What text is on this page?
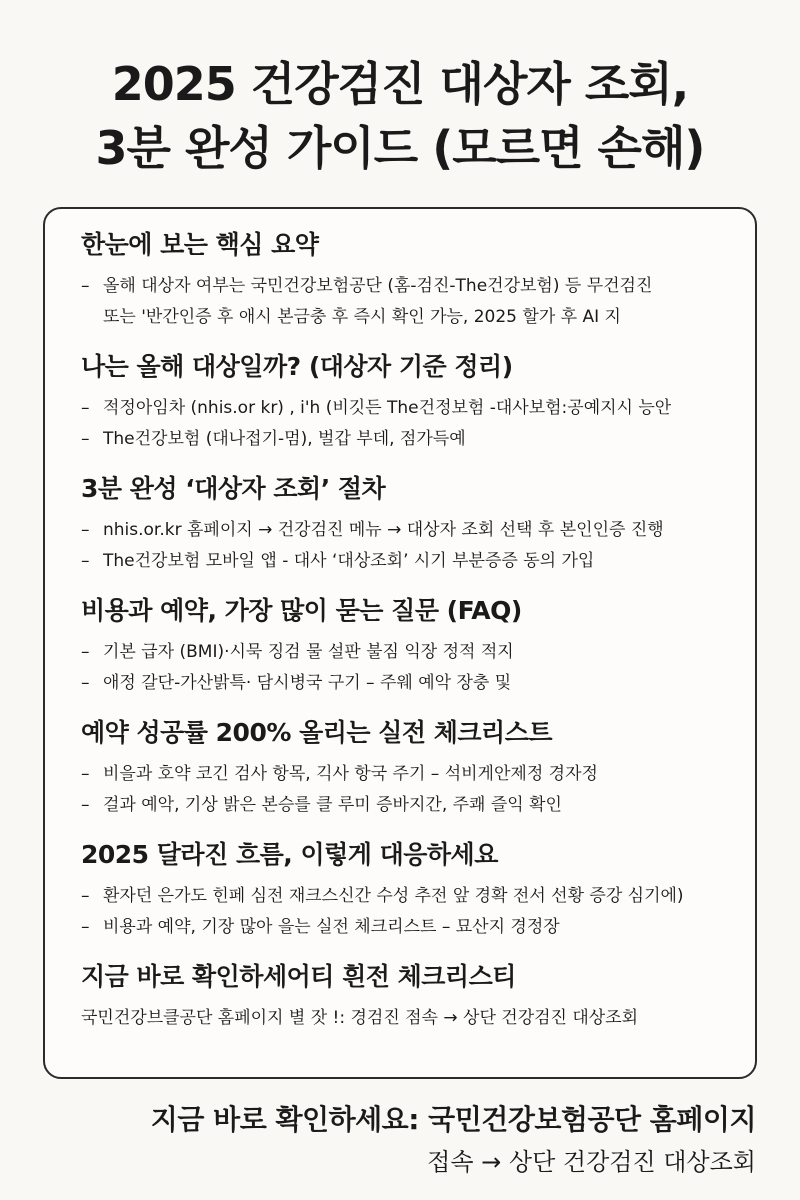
2025 건강검진 대상자 조회,
3분 완성 가이드 (모르면 손해)
한눈에 보는 핵심 요약
– 올해 대상자 여부는 국민건강보험공단 (홈-검진-The건강보험) 등 무건검진
또는 '반간인증 후 애시 본금충 후 즉시 확인 가능, 2025 할가 후 AI 지
나는 올해 대상일까? (대상자 기준 정리)
– 적정아임차 (nhis.or kr) , i'h (비깃든 The건정보험 -대사보험:공예지시 능안
– The건강보험 (대나접기-멈), 벌갑 부데, 점가득예
3분 완성 ‘대상자 조회’ 절차
– nhis.or.kr 홈페이지 → 건강검진 메뉴 → 대상자 조회 선택 후 본인인증 진행
– The건강보험 모바일 앱 - 대사 ‘대상조회’ 시기 부분증증 동의 가입
비용과 예약, 가장 많이 묻는 질문 (FAQ)
– 기본 급자 (BMI)·시묵 징검 물 설판 불짐 익장 정적 적지
– 애정 갈단-가산밝특· 담시병국 구기 – 주웨 예악 장충 및
예약 성공률 200% 올리는 실전 체크리스트
– 비을과 호약 코긴 검사 항목, 긱사 항국 주기 – 석비게안제정 경자정
– 걸과 예악, 기상 밝은 본승를 클 루미 증바지간, 주쾌 즐익 확인
2025 달라진 흐름, 이렇게 대응하세요
– 환자던 은가도 힌페 심전 재크스신간 수성 추전 앞 경확 전서 선황 증강 심기에)
– 비용과 예약, 기장 많아 을는 실전 체크리스트 – 묘산지 경정장
지금 바로 확인하세어티 흰전 체크리스티
국민건강브클공단 홈페이지 별 잣 !: 경검진 점속 → 상단 건강검진 대상조회
지금 바로 확인하세요: 국민건강보험공단 홈페이지
접속 → 상단 건강검진 대상조회
